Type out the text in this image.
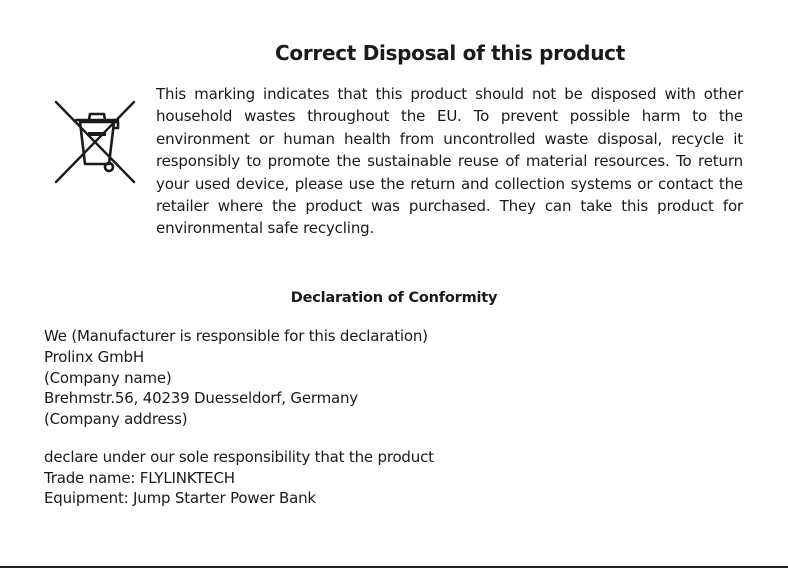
Correct Disposal of this product

This marking indicates that this product should not be disposed with other household wastes throughout the EU. To prevent possible harm to the environment or human health from uncontrolled waste disposal, recycle it responsibly to promote the sustainable reuse of material resources. To return your used device, please use the return and collection systems or contact the retailer where the product was purchased. They can take this product for environmental safe recycling.

Declaration of Conformity

We (Manufacturer is responsible for this declaration)

Prolinx GmbH

(Company name)

Brehmstr.56, 40239 Duesseldorf, Germany

(Company address)

declare under our sole responsibility that the product

Trade name: FLYLINKTECH

Equipment: Jump Starter Power Bank
